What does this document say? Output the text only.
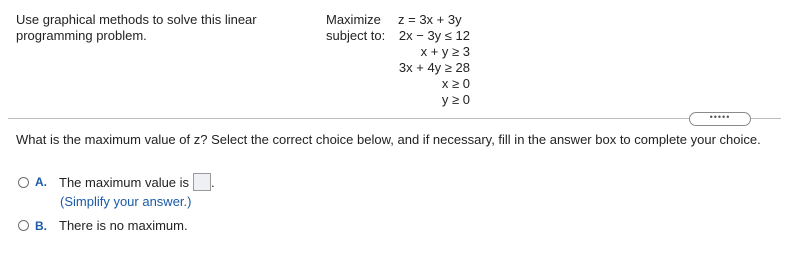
Use graphical methods to solve this linear
programming problem.
Maximize
subject to:
z = 3x + 3y
2x − 3y ≤ 12
x + y ≥ 3
3x + 4y ≥ 28
x ≥ 0
y ≥ 0
•••••
What is the maximum value of z? Select the correct choice below, and if necessary, fill in the answer box to complete your choice.
A. The maximum value is .
(Simplify your answer.)
B. There is no maximum.
